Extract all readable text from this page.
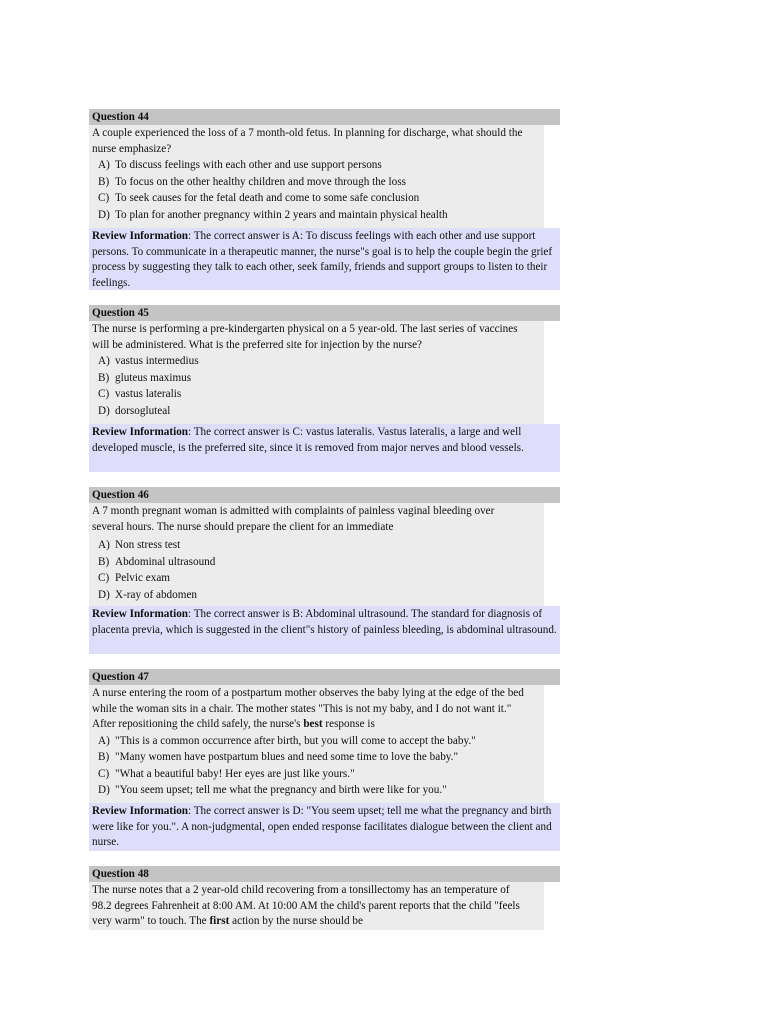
Question 44
A couple experienced the loss of a 7 month-old fetus. In planning for discharge, what should the nurse emphasize?
A) To discuss feelings with each other and use support persons
B) To focus on the other healthy children and move through the loss
C) To seek causes for the fetal death and come to some safe conclusion
D) To plan for another pregnancy within 2 years and maintain physical health
Review Information: The correct answer is A: To discuss feelings with each other and use support persons. To communicate in a therapeutic manner, the nurse"s goal is to help the couple begin the grief process by suggesting they talk to each other, seek family, friends and support groups to listen to their feelings.
Question 45
The nurse is performing a pre-kindergarten physical on a 5 year-old. The last series of vaccines will be administered. What is the preferred site for injection by the nurse?
A) vastus intermedius
B) gluteus maximus
C) vastus lateralis
D) dorsogluteal
Review Information: The correct answer is C: vastus lateralis. Vastus lateralis, a large and well developed muscle, is the preferred site, since it is removed from major nerves and blood vessels.
Question 46
A 7 month pregnant woman is admitted with complaints of painless vaginal bleeding over several hours. The nurse should prepare the client for an immediate
A) Non stress test
B) Abdominal ultrasound
C) Pelvic exam
D) X-ray of abdomen
Review Information: The correct answer is B: Abdominal ultrasound. The standard for diagnosis of placenta previa, which is suggested in the client"s history of painless bleeding, is abdominal ultrasound.
Question 47
A nurse entering the room of a postpartum mother observes the baby lying at the edge of the bed while the woman sits in a chair. The mother states "This is not my baby, and I do not want it." After repositioning the child safely, the nurse's best response is
A) "This is a common occurrence after birth, but you will come to accept the baby."
B) "Many women have postpartum blues and need some time to love the baby."
C) "What a beautiful baby! Her eyes are just like yours."
D) "You seem upset; tell me what the pregnancy and birth were like for you."
Review Information: The correct answer is D: "You seem upset; tell me what the pregnancy and birth were like for you.". A non-judgmental, open ended response facilitates dialogue between the client and nurse.
Question 48
The nurse notes that a 2 year-old child recovering from a tonsillectomy has an temperature of 98.2 degrees Fahrenheit at 8:00 AM. At 10:00 AM the child's parent reports that the child "feels very warm" to touch. The first action by the nurse should be
